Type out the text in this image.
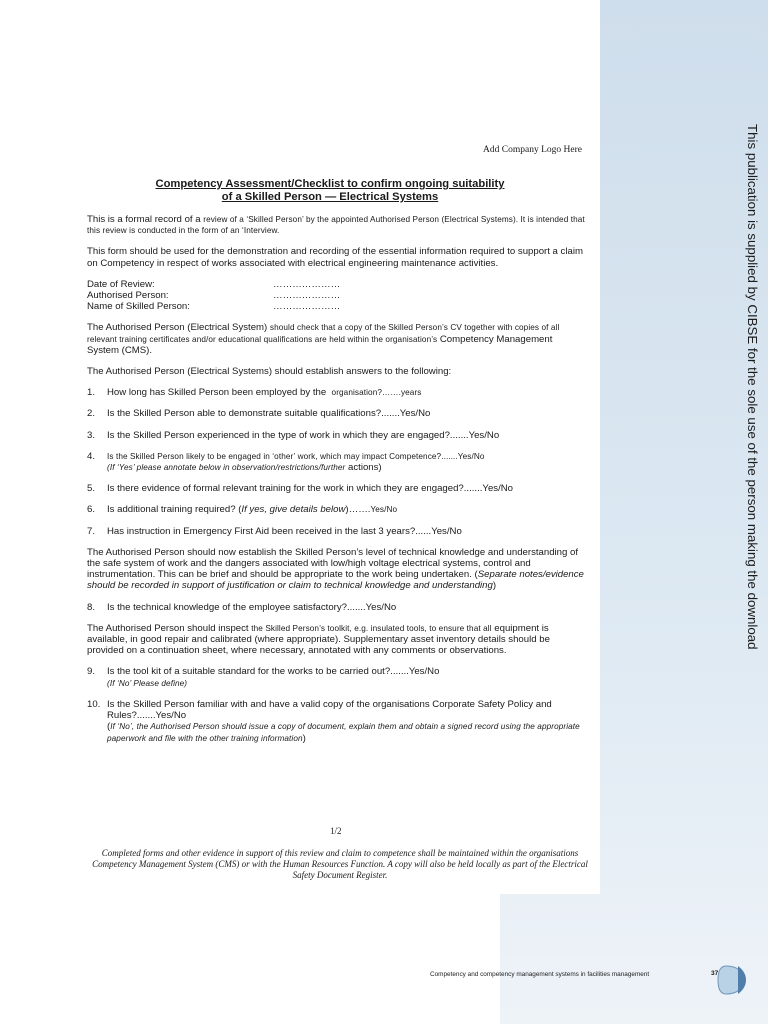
This publication is supplied by CIBSE for the sole use of the person making the download
Add Company Logo Here
Competency Assessment/Checklist to confirm ongoing suitability
of a Skilled Person — Electrical Systems

This is a formal record of a review of a ‘Skilled Person’ by the appointed Authorised Person (Electrical Systems). It is intended that this review is conducted in the form of an ‘Interview.

This form should be used for the demonstration and recording of the essential information required to support a claim on Competency in respect of works associated with electrical engineering maintenance activities.

Date of Review:	…………………
Authorised Person:	…………………
Name of Skilled Person:	…………………

The Authorised Person (Electrical System) should check that a copy of the Skilled Person’s CV together with copies of all relevant training certificates and/or educational qualifications are held within the organisation’s Competency Management System (CMS).

The Authorised Person (Electrical Systems) should establish answers to the following:

1.	How long has Skilled Person been employed by the organisation?…….years
2.	Is the Skilled Person able to demonstrate suitable qualifications?.......Yes/No
3.	Is the Skilled Person experienced in the type of work in which they are engaged?.......Yes/No
4.	Is the Skilled Person likely to be engaged in ‘other’ work, which may impact Competence?.......Yes/No
(If ‘Yes’ please annotate below in observation/restrictions/further actions)
5.	Is there evidence of formal relevant training for the work in which they are engaged?.......Yes/No
6.	Is additional training required? (If yes, give details below)…….Yes/No
7.	Has instruction in Emergency First Aid been received in the last 3 years?......Yes/No

The Authorised Person should now establish the Skilled Person’s level of technical knowledge and understanding of the safe system of work and the dangers associated with low/high voltage electrical systems, control and instrumentation. This can be brief and should be appropriate to the work being undertaken. (Separate notes/evidence should be recorded in support of justification or claim to technical knowledge and understanding)

8.	Is the technical knowledge of the employee satisfactory?.......Yes/No

The Authorised Person should inspect the Skilled Person’s toolkit, e.g. insulated tools, to ensure that all equipment is available, in good repair and calibrated (where appropriate). Supplementary asset inventory details should be provided on a continuation sheet, where necessary, annotated with any comments or observations.

9.	Is the tool kit of a suitable standard for the works to be carried out?.......Yes/No
(If ‘No’ Please define)
10. Is the Skilled Person familiar with and have a valid copy of the organisations Corporate Safety Policy and Rules?.......Yes/No
(If ‘No’, the Authorised Person should issue a copy of document, explain them and obtain a signed record using the appropriate paperwork and file with the other training information)
1/2
Completed forms and other evidence in support of this review and claim to competence shall be maintained within the organisations Competency Management System (CMS) or with the Human Resources Function. A copy will also be held locally as part of the Electrical Safety Document Register.
Competency and competency management systems in facilities management	37
